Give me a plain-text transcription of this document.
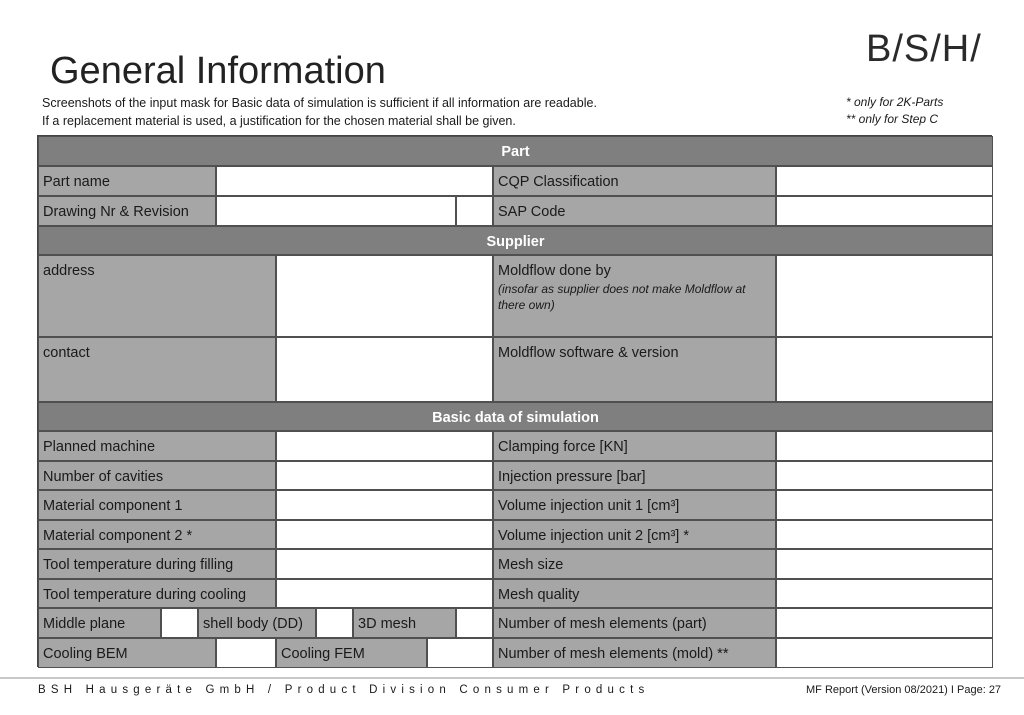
General Information
Screenshots of the input mask for Basic data of simulation is sufficient if all information are readable.
If a replacement material is used, a justification for the chosen material shall be given.
B/S/H/
* only for 2K-Parts
** only for Step C
Part
Part name	CQP Classification
Drawing Nr & Revision	SAP Code
Supplier
address	Moldflow done by
(insofar as supplier does not make Moldflow at there own)
contact	Moldflow software & version
Basic data of simulation
Planned machine	Clamping force [KN]
Number of cavities	Injection pressure [bar]
Material component 1	Volume injection unit 1 [cm³]
Material component 2 *	Volume injection unit 2 [cm³] *
Tool temperature during filling	Mesh size
Tool temperature during cooling	Mesh quality
Middle plane	shell body (DD)	3D mesh	Number of mesh elements (part)
Cooling BEM	Cooling FEM	Number of mesh elements (mold) **
BSH Hausgeräte GmbH / Product Division Consumer Products	MF Report (Version 08/2021) I Page: 27
